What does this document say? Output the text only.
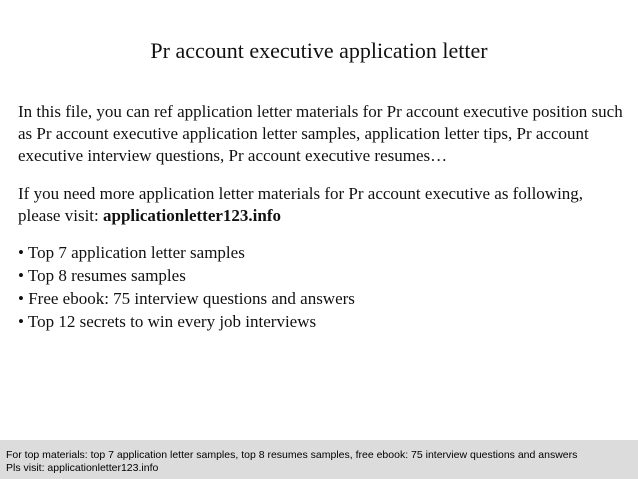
Pr account executive application letter

In this file, you can ref application letter materials for Pr account executive position such as Pr account executive application letter samples, application letter tips, Pr account executive interview questions, Pr account executive resumes…

If you need more application letter materials for Pr account executive as following, please visit: applicationletter123.info

• Top 7 application letter samples
• Top 8 resumes samples
• Free ebook: 75 interview questions and answers
• Top 12 secrets to win every job interviews
For top materials: top 7 application letter samples, top 8 resumes samples, free ebook: 75 interview questions and answers
Pls visit: applicationletter123.info
